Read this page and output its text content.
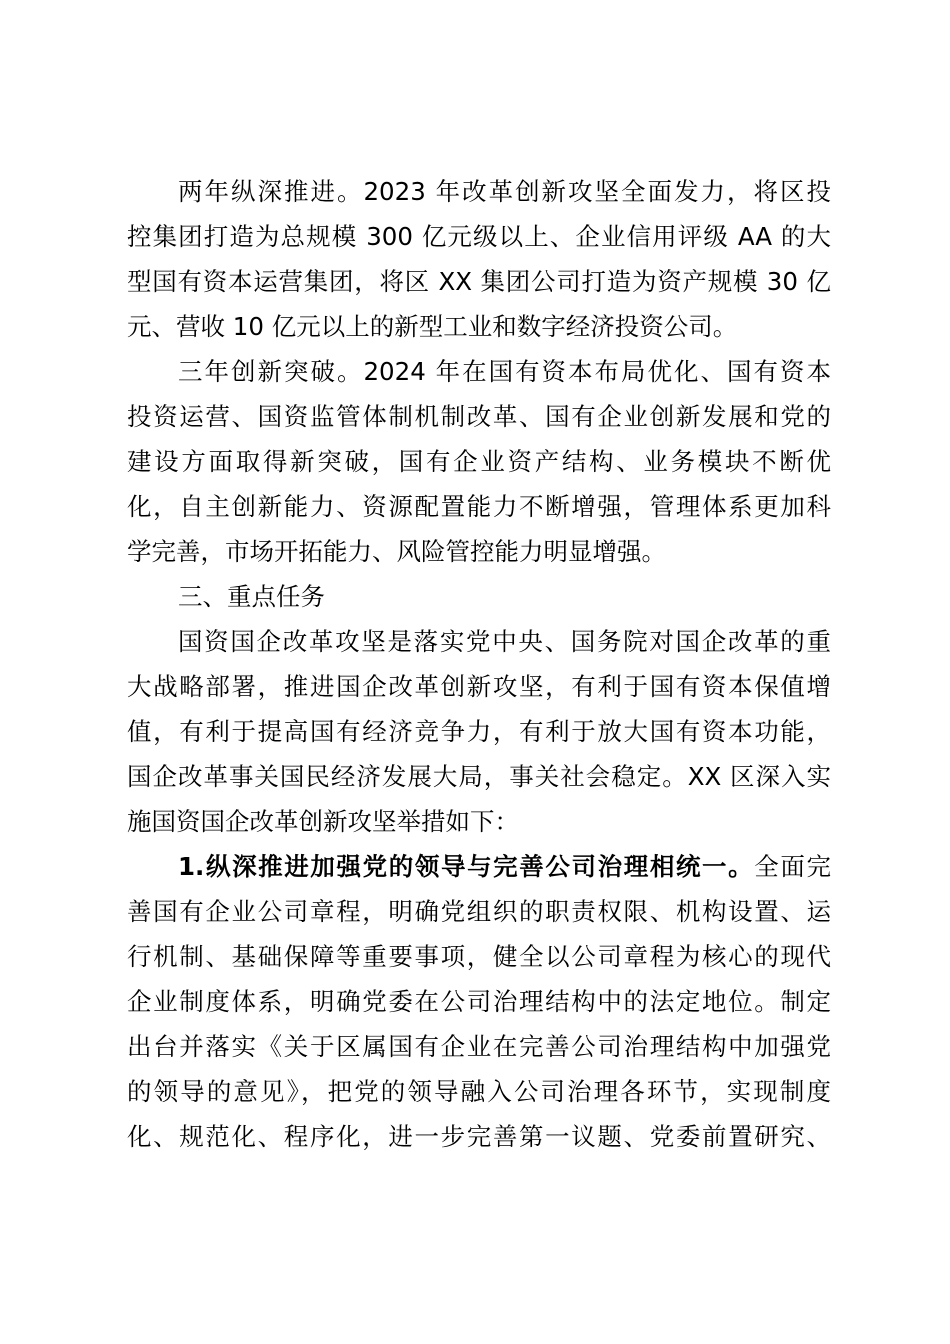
两年纵深推进。2023 年改革创新攻坚全面发力，将区投
控集团打造为总规模 300 亿元级以上、企业信用评级 AA 的大
型国有资本运营集团，将区 XX 集团公司打造为资产规模 30 亿
元、营收 10 亿元以上的新型工业和数字经济投资公司。
三年创新突破。2024 年在国有资本布局优化、国有资本
投资运营、国资监管体制机制改革、国有企业创新发展和党的
建设方面取得新突破，国有企业资产结构、业务模块不断优
化，自主创新能力、资源配置能力不断增强，管理体系更加科
学完善，市场开拓能力、风险管控能力明显增强。
三、重点任务
国资国企改革攻坚是落实党中央、国务院对国企改革的重
大战略部署，推进国企改革创新攻坚，有利于国有资本保值增
值，有利于提高国有经济竞争力，有利于放大国有资本功能，
国企改革事关国民经济发展大局，事关社会稳定。XX 区深入实
施国资国企改革创新攻坚举措如下：
1.纵深推进加强党的领导与完善公司治理相统一。全面完
善国有企业公司章程，明确党组织的职责权限、机构设置、运
行机制、基础保障等重要事项，健全以公司章程为核心的现代
企业制度体系，明确党委在公司治理结构中的法定地位。制定
出台并落实《关于区属国有企业在完善公司治理结构中加强党
的领导的意见》，把党的领导融入公司治理各环节，实现制度
化、规范化、程序化，进一步完善第一议题、党委前置研究、
